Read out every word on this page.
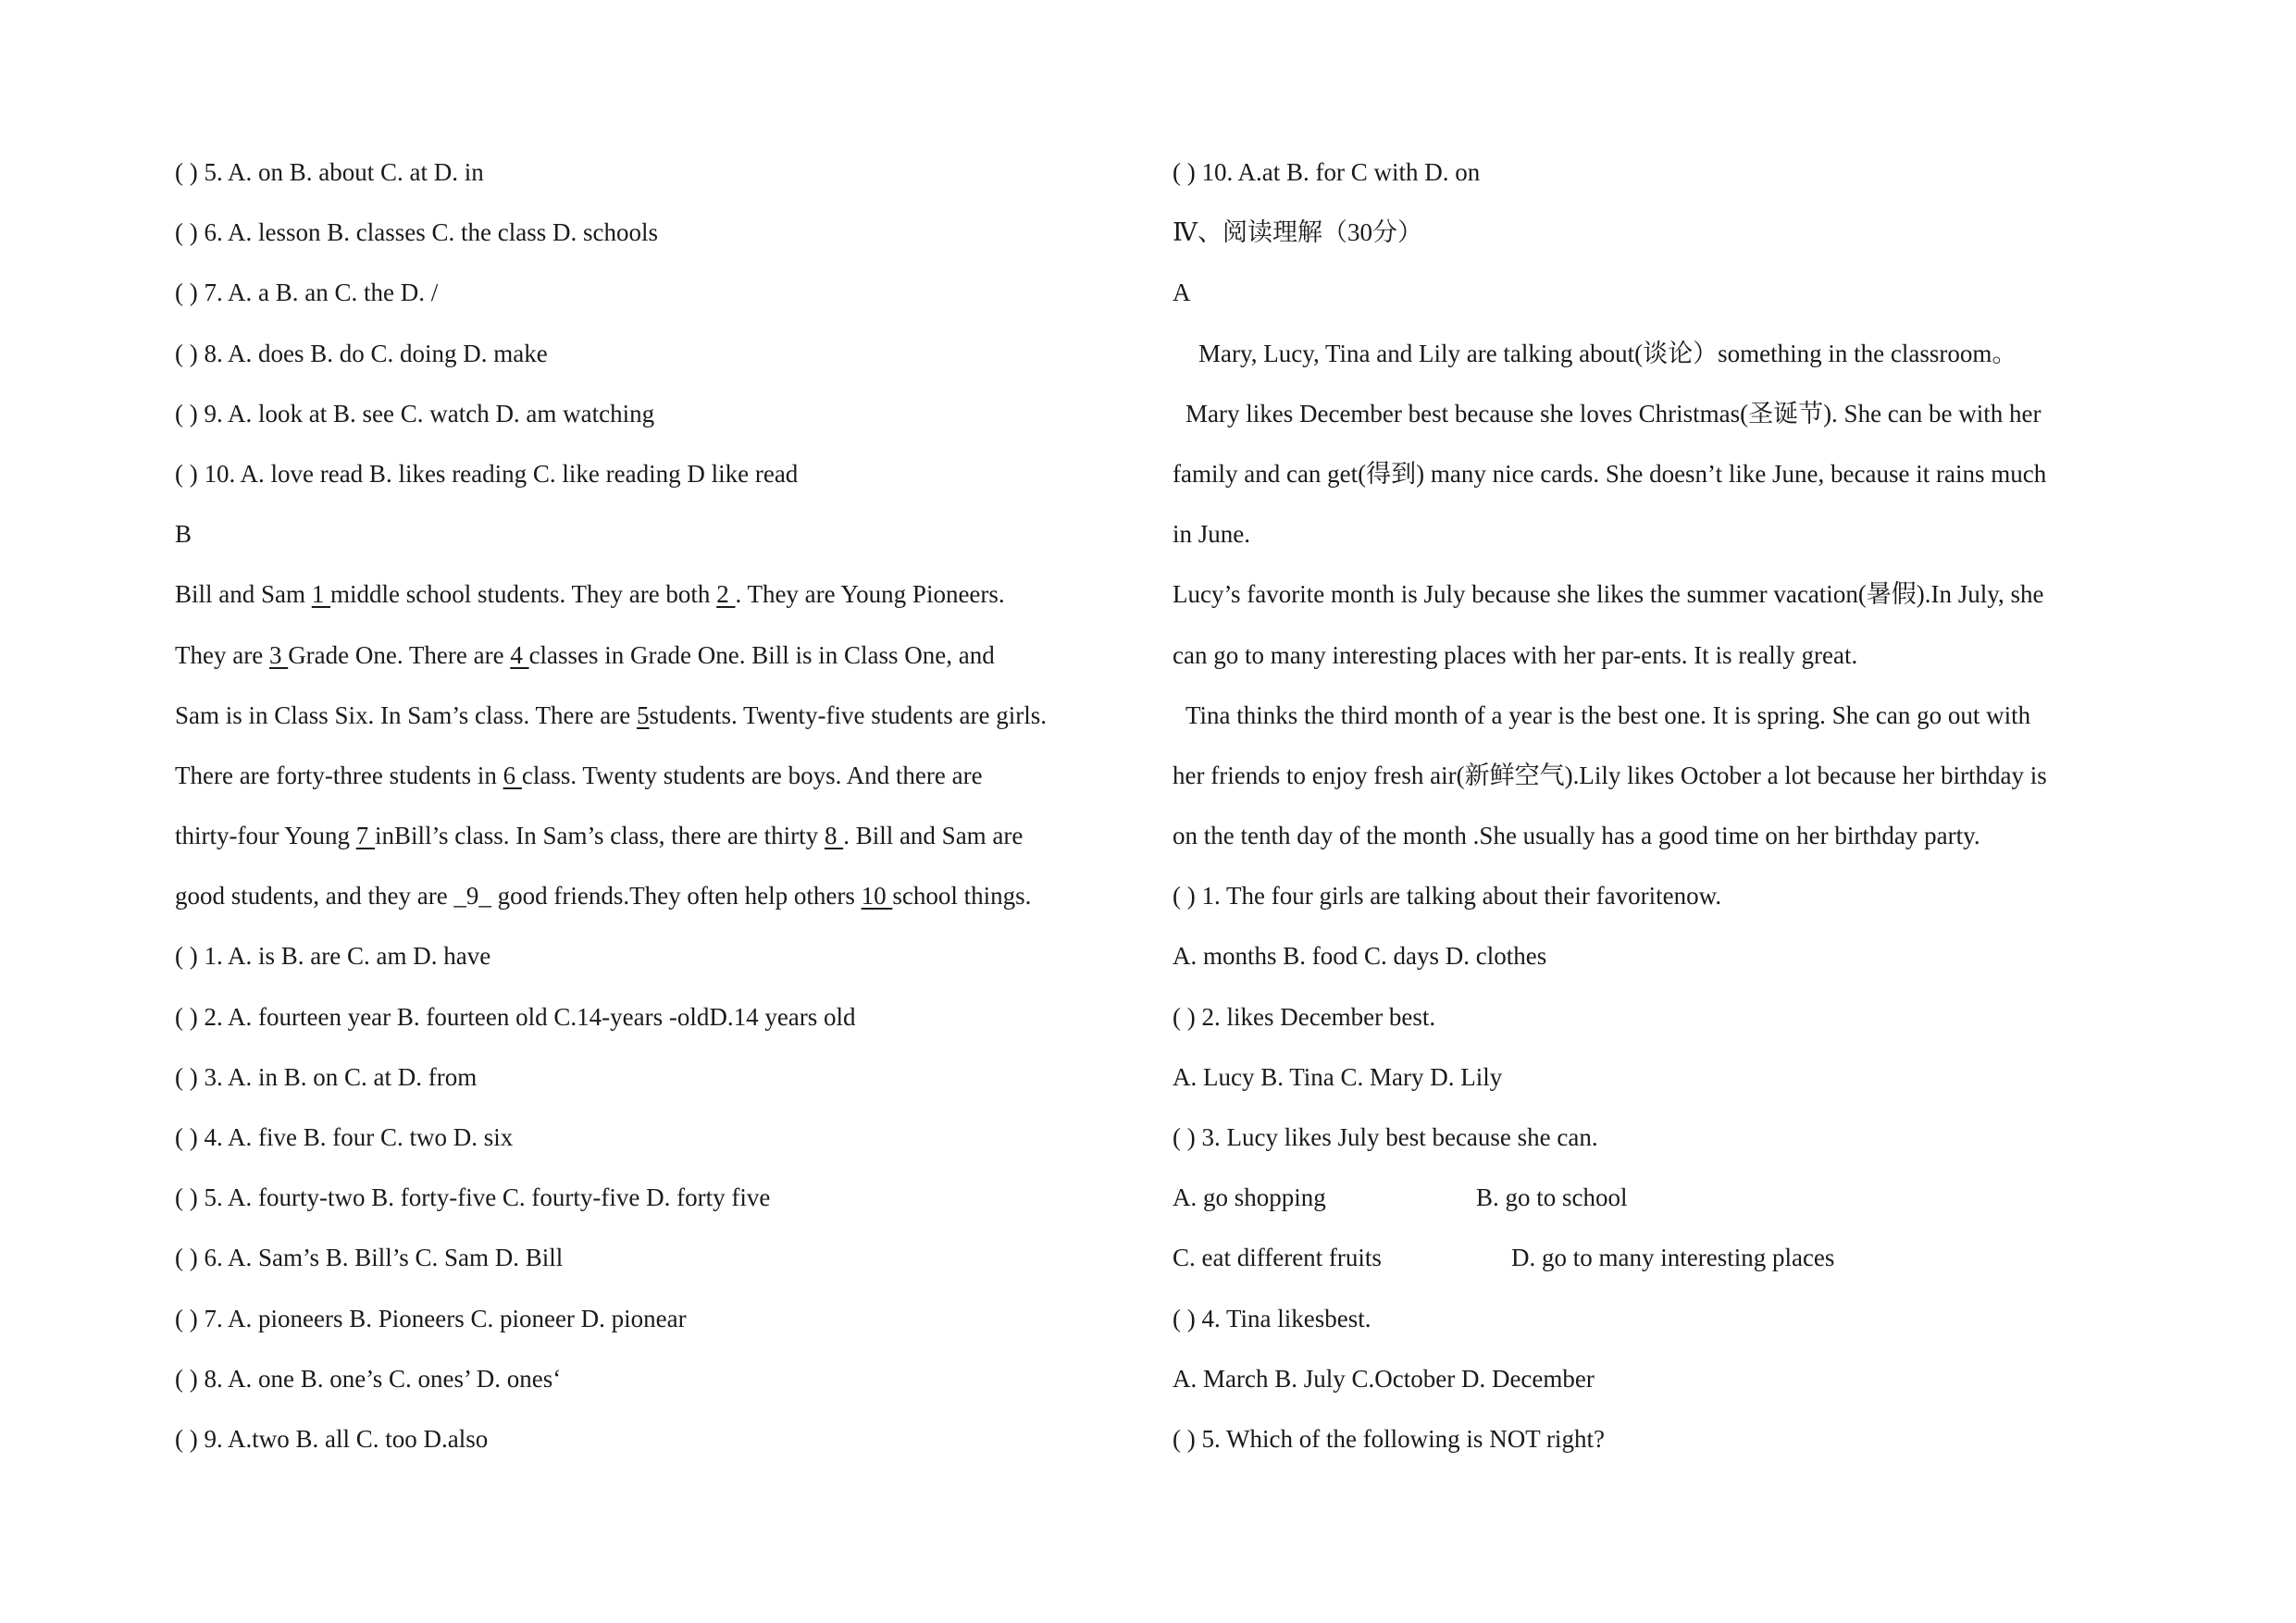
( ) 5. A. on B. about C. at D. in
( ) 6. A. lesson B. classes C. the class D. schools
( ) 7. A. a B. an C. the D. /
( ) 8. A. does B. do C. doing D. make
( ) 9. A. look at B. see C. watch D. am watching
( ) 10. A. love read B. likes reading C. like reading D like read
B
Bill and Sam 1 middle school students. They are both 2 . They are Young Pioneers.
They are 3 Grade One. There are 4 classes in Grade One. Bill is in Class One, and
Sam is in Class Six. In Sam’s class. There are 5students. Twenty-five students are girls.
There are forty-three students in 6 class. Twenty students are boys. And there are
thirty-four Young 7 inBill’s class. In Sam’s class, there are thirty 8 . Bill and Sam are
good students, and they are _9_ good friends.They often help others 10 school things.
( ) 1. A. is B. are C. am D. have
( ) 2. A. fourteen year B. fourteen old C.14-years -oldD.14 years old
( ) 3. A. in B. on C. at D. from
( ) 4. A. five B. four C. two D. six
( ) 5. A. fourty-two B. forty-five C. fourty-five D. forty five
( ) 6. A. Sam’s B. Bill’s C. Sam D. Bill
( ) 7. A. pioneers B. Pioneers C. pioneer D. pionear
( ) 8. A. one B. one’s C. ones’ D. ones‘
( ) 9. A.two B. all C. too D.also
( ) 10. A.at B. for C with D. on
Ⅳ、阅读理解（30分）
A
Mary, Lucy, Tina and Lily are talking about(谈论）something in the classroom。
Mary likes December best because she loves Christmas(圣诞节). She can be with her
family and can get(得到) many nice cards. She doesn’t like June, because it rains much
in June.
Lucy’s favorite month is July because she likes the summer vacation(暑假).In July, she
can go to many interesting places with her par-ents. It is really great.
Tina thinks the third month of a year is the best one. It is spring. She can go out with
her friends to enjoy fresh air(新鲜空气).Lily likes October a lot because her birthday is
on the tenth day of the month .She usually has a good time on her birthday party.
( ) 1. The four girls are talking about their favoritenow.
A. months B. food C. days D. clothes
( ) 2. likes December best.
A. Lucy B. Tina C. Mary D. Lily
( ) 3. Lucy likes July best because she can.
A. go shopping	B. go to school
C. eat different fruits	D. go to many interesting places
( ) 4. Tina likesbest.
A. March B. July C.October D. December
( ) 5. Which of the following is NOT right?
